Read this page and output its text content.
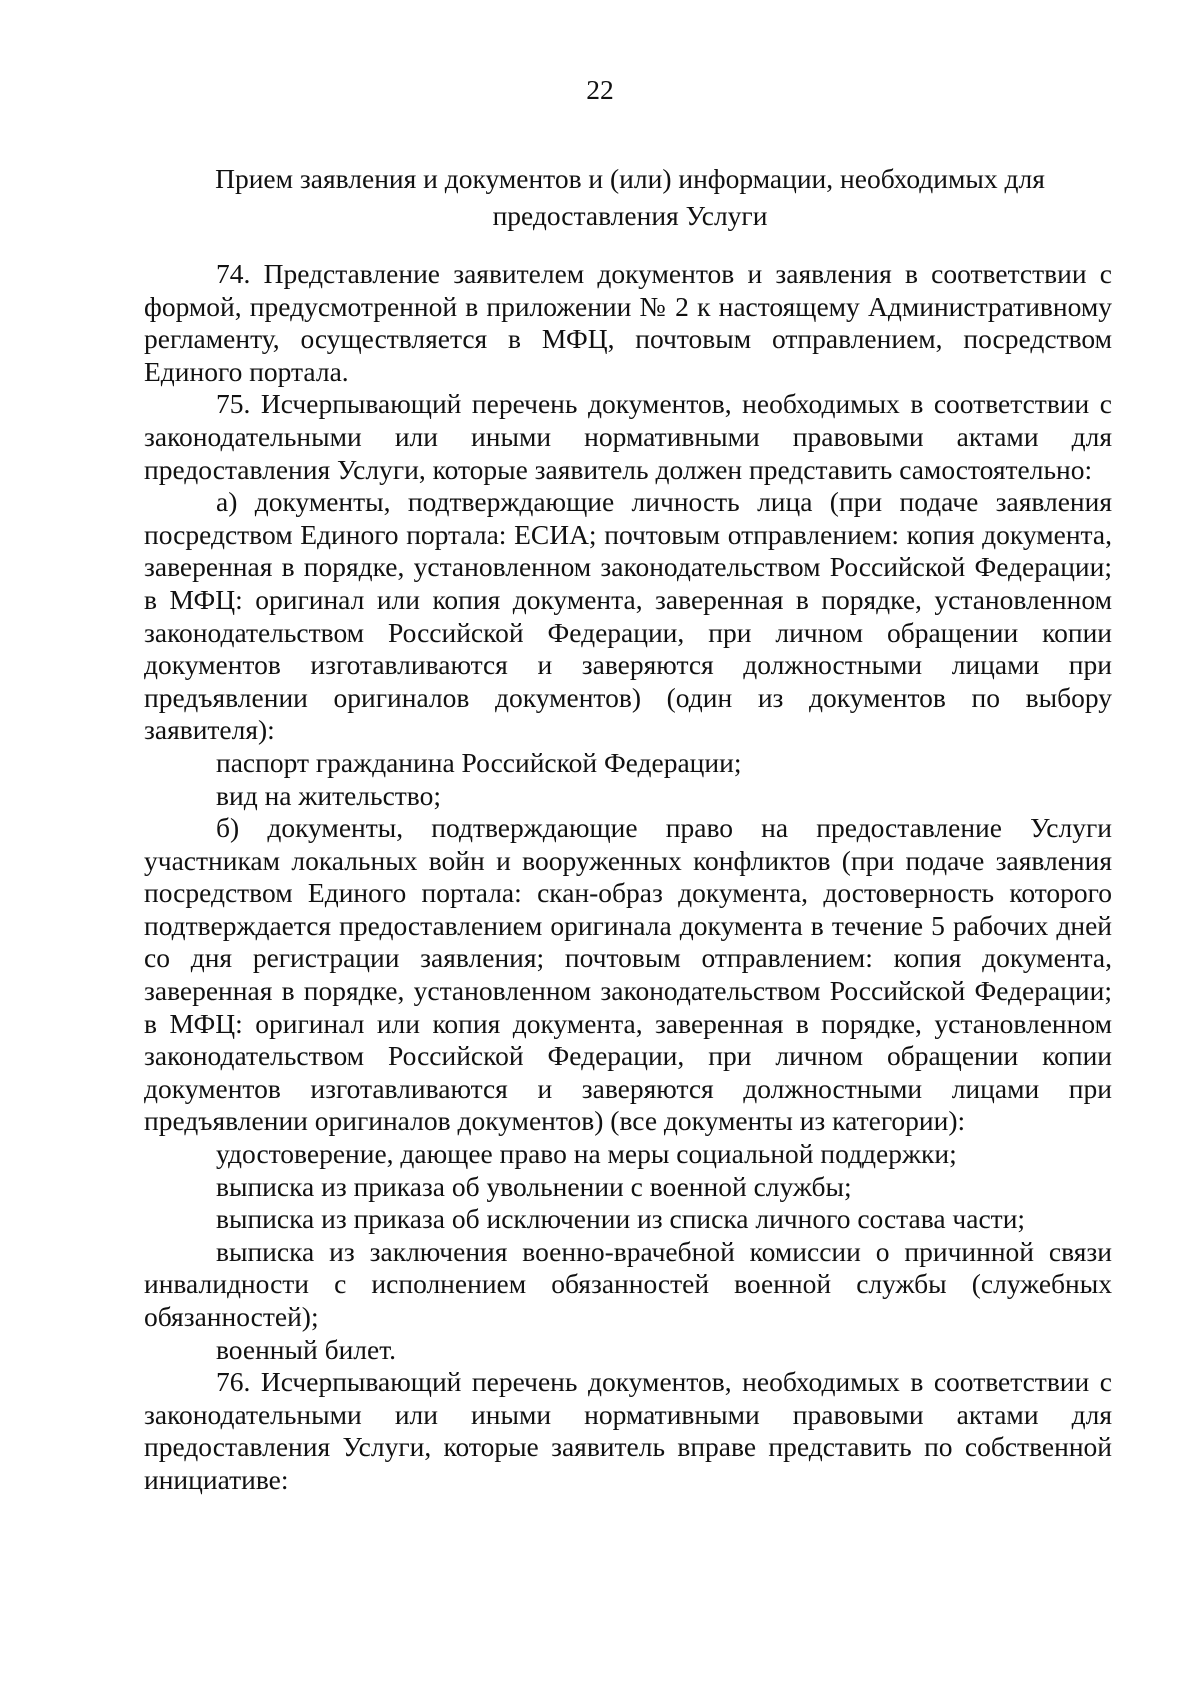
22
Прием заявления и документов и (или) информации, необходимых для
предоставления Услуги

74. Представление заявителем документов и заявления в соответствии с формой, предусмотренной в приложении № 2 к настоящему Административному регламенту, осуществляется в МФЦ, почтовым отправлением, посредством Единого портала.

75. Исчерпывающий перечень документов, необходимых в соответствии с законодательными или иными нормативными правовыми актами для предоставления Услуги, которые заявитель должен представить самостоятельно:

а) документы, подтверждающие личность лица (при подаче заявления посредством Единого портала: ЕСИА; почтовым отправлением: копия документа, заверенная в порядке, установленном законодательством Российской Федерации; в МФЦ: оригинал или копия документа, заверенная в порядке, установленном законодательством Российской Федерации, при личном обращении копии документов изготавливаются и заверяются должностными лицами при предъявлении оригиналов документов) (один из документов по выбору заявителя):

паспорт гражданина Российской Федерации;

вид на жительство;

б) документы, подтверждающие право на предоставление Услуги участникам локальных войн и вооруженных конфликтов (при подаче заявления посредством Единого портала: скан-образ документа, достоверность которого подтверждается предоставлением оригинала документа в течение 5 рабочих дней со дня регистрации заявления; почтовым отправлением: копия документа, заверенная в порядке, установленном законодательством Российской Федерации; в МФЦ: оригинал или копия документа, заверенная в порядке, установленном законодательством Российской Федерации, при личном обращении копии документов изготавливаются и заверяются должностными лицами при предъявлении оригиналов документов) (все документы из категории):

удостоверение, дающее право на меры социальной поддержки;

выписка из приказа об увольнении с военной службы;

выписка из приказа об исключении из списка личного состава части;

выписка из заключения военно-врачебной комиссии о причинной связи инвалидности с исполнением обязанностей военной службы (служебных обязанностей);

военный билет.

76. Исчерпывающий перечень документов, необходимых в соответствии с законодательными или иными нормативными правовыми актами для предоставления Услуги, которые заявитель вправе представить по собственной инициативе:
